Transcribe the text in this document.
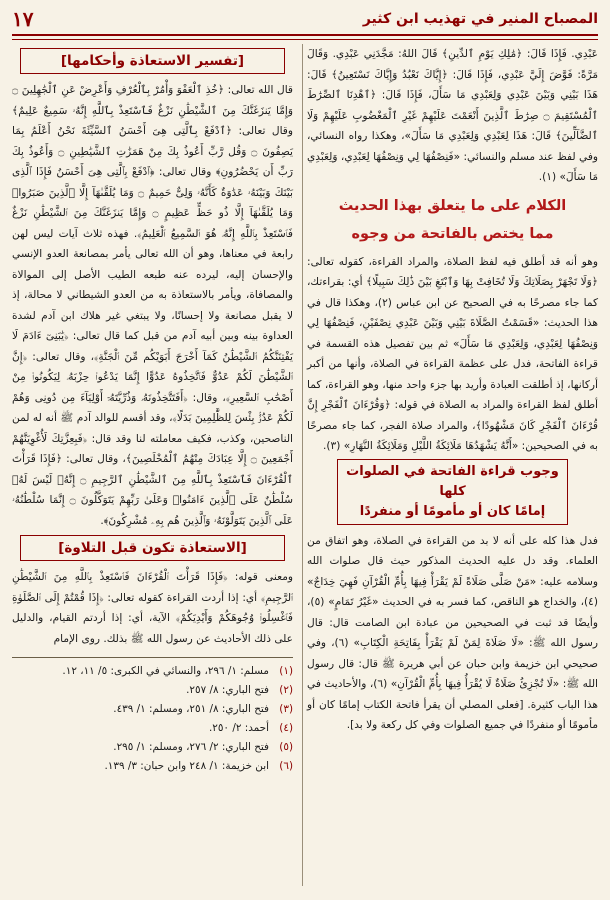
المصباح المنير في تهذيب ابن كثير
١٧

عَبْدِي. فَإِذَا قَالَ: ﴿مَٰلِكِ يَوْمِ ٱلدِّينِ﴾ قَالَ اللهُ: مَجَّدَنِي عَبْدِي. وَقَالَ مَرَّةً: فَوَّضَ إِلَيَّ عَبْدِي، فَإِذَا قَالَ: ﴿إِيَّاكَ نَعْبُدُ وَإِيَّاكَ نَسْتَعِينُ﴾ قَالَ: هَذَا بَيْنِي وَبَيْنَ عَبْدِي وَلِعَبْدِي مَا سَأَلَ، فَإِذَا قَالَ: ﴿ٱهْدِنَا ٱلصِّرَٰطَ ٱلْمُسْتَقِيمَ ۝ صِرَٰطَ ٱلَّذِينَ أَنْعَمْتَ عَلَيْهِمْ غَيْرِ ٱلْمَغْضُوبِ عَلَيْهِمْ وَلَا ٱلضَّآلِّينَ﴾ قَالَ: هَذَا لِعَبْدِي وَلِعَبْدِي مَا سَأَلَ»، وهكذا رواه النسائي، وفي لفظ عند مسلم والنسائي: «فَنِصْفُهَا لِي وَنِصْفُهَا لِعَبْدِي، وَلِعَبْدِي مَا سَأَلَ» (١).

الكلام على ما يتعلق بهذا الحديث
مما يختص بالفاتحة من وجوه

وهو أنه قد أطلق فيه لفظ الصلاة، والمراد القراءة، كقوله تعالى: ﴿وَلَا تَجْهَرْ بِصَلَاتِكَ وَلَا تُخَافِتْ بِهَا وَٱبْتَغِ بَيْنَ ذَٰلِكَ سَبِيلًا﴾ أي: بقراءتك، كما جاء مصرحًا به في الصحيح عن ابن عباس (٢)، وهكذا قال في هذا الحديث: «قَسَمْتُ الصَّلَاةَ بَيْنِي وَبَيْنَ عَبْدِي نِصْفَيْنِ، فَنِصْفُهَا لِي وَنِصْفُهَا لِعَبْدِي، وَلِعَبْدِي مَا سَأَلَ» ثم بين تفصيل هذه القسمة في قراءة الفاتحة، فدل على عظمة القراءة في الصلاة، وأنها من أكبر أركانها، إذ أطلقت العبادة وأريد بها جزء واحد منها، وهو القراءة، كما أطلق لفظ القراءة والمراد به الصلاة في قوله: ﴿وَقُرْءَانَ ٱلْفَجْرِ إِنَّ قُرْءَانَ ٱلْفَجْرِ كَانَ مَشْهُودًا﴾، والمراد صلاة الفجر، كما جاء مصرحًا به في الصحيحين: «أَنَّهُ يَشْهَدُهَا مَلَائِكَةُ اللَّيْلِ وَمَلَائِكَةُ النَّهَارِ» (٣).

وجوب قراءة الفاتحة في الصلوات كلها
إمامًا كان أو مأمومًا أو منفردًا

فدل هذا كله على أنه لا بد من القراءة في الصلاة، وهو اتفاق من العلماء. وقد دل عليه الحديث المذكور حيث قال صلوات الله وسلامه عليه: «مَنْ صَلَّى صَلَاةً لَمْ يَقْرَأْ فِيهَا بِأُمِّ الْقُرْآنِ فَهِيَ خِدَاجٌ» (٤)، والخداج هو الناقص، كما فسر به في الحديث «غَيْرُ تَمَامٍ» (٥)، وأيضًا قد ثبت في الصحيحين من عبادة ابن الصامت قال: قال رسول الله ﷺ: «لَا صَلَاةَ لِمَنْ لَمْ يَقْرَأْ بِفَاتِحَةِ الْكِتَابِ» (٦)، وفي صحيحي ابن خزيمة وابن حبان عن أبي هريرة ﷺ قال: قال رسول الله ﷺ: «لَا تُجْزِئُ صَلَاةٌ لَا يُقْرَأُ فِيهَا بِأُمِّ الْقُرْآنِ» (٦)، والأحاديث في هذا الباب كثيرة. [فعلى المصلي أن يقرأ فاتحة الكتاب إمامًا كان أو مأمومًا أو منفردًا في جميع الصلوات وفي كل ركعة ولا بد].

[تفسير الاستعاذة وأحكامها]

قال الله تعالى: ﴿خُذِ ٱلْعَفْوَ وَأْمُرْ بِٱلْعُرْفِ وَأَعْرِضْ عَنِ ٱلْجَٰهِلِينَ ۝ وَإِمَّا يَنزَغَنَّكَ مِنَ ٱلشَّيْطَٰنِ نَزْغٌ فَٱسْتَعِذْ بِٱللَّهِ إِنَّهُۥ سَمِيعٌ عَلِيمٌ﴾ وقال تعالى: ﴿ٱدْفَعْ بِٱلَّتِى هِىَ أَحْسَنُ ٱلسَّيِّئَةَ نَحْنُ أَعْلَمُ بِمَا يَصِفُونَ ۝ وَقُل رَّبِّ أَعُوذُ بِكَ مِنْ هَمَزَٰتِ ٱلشَّيَٰطِينِ ۝ وَأَعُوذُ بِكَ رَبِّ أَن يَحْضُرُونِ﴾ وقال تعالى: ﴿ٱدْفَعْ بِٱلَّتِى هِىَ أَحْسَنُ فَإِذَا ٱلَّذِى بَيْنَكَ وَبَيْنَهُۥ عَدَٰوَةٌ كَأَنَّهُۥ وَلِىٌّ حَمِيمٌ ۝ وَمَا يُلَقَّىٰهَآ إِلَّا ٱلَّذِينَ صَبَرُوا۟ وَمَا يُلَقَّىٰهَآ إِلَّا ذُو حَظٍّ عَظِيمٍ ۝ وَإِمَّا يَنزَغَنَّكَ مِنَ ٱلشَّيْطَٰنِ نَزْغٌ فَٱسْتَعِذْ بِٱللَّهِ إِنَّهُۥ هُوَ ٱلسَّمِيعُ ٱلْعَلِيمُ﴾. فهذه ثلاث آيات ليس لهن رابعة في معناها، وهو أن الله تعالى يأمر بمصانعة العدو الإنسي والإحسان إليه، ليرده عنه طبعه الطيب الأصل إلى الموالاة والمصافاة، ويأمر بالاستعاذة به من العدو الشيطاني لا محالة، إذ لا يقبل مصانعة ولا إحسانًا، ولا يبتغي غير هلاك ابن آدم لشدة العداوة بينه وبين أبيه آدم من قبل كما قال تعالى: ﴿يَٰبَنِىٓ ءَادَمَ لَا يَفْتِنَنَّكُمُ ٱلشَّيْطَٰنُ كَمَآ أَخْرَجَ أَبَوَيْكُم مِّنَ ٱلْجَنَّةِ﴾، وقال تعالى: ﴿إِنَّ ٱلشَّيْطَٰنَ لَكُمْ عَدُوٌّ فَٱتَّخِذُوهُ عَدُوًّا إِنَّمَا يَدْعُوا۟ حِزْبَهُۥ لِيَكُونُوا۟ مِنْ أَصْحَٰبِ ٱلسَّعِيرِ﴾، وقال: ﴿أَفَتَتَّخِذُونَهُۥ وَذُرِّيَّتَهُۥٓ أَوْلِيَآءَ مِن دُونِى وَهُمْ لَكُمْ عَدُوٌّۢ بِئْسَ لِلظَّٰلِمِينَ بَدَلًا﴾، وقد أقسم للوالد آدم ﷺ أنه له لمن الناصحين، وكذب، فكيف معاملته لنا وقد قال: ﴿فَبِعِزَّتِكَ لَأُغْوِيَنَّهُمْ أَجْمَعِينَ ۝ إِلَّا عِبَادَكَ مِنْهُمُ ٱلْمُخْلَصِينَ﴾، وقال تعالى: ﴿فَإِذَا قَرَأْتَ ٱلْقُرْءَانَ فَٱسْتَعِذْ بِٱللَّهِ مِنَ ٱلشَّيْطَٰنِ ٱلرَّجِيمِ ۝ إِنَّهُۥ لَيْسَ لَهُۥ سُلْطَٰنٌ عَلَى ٱلَّذِينَ ءَامَنُوا۟ وَعَلَىٰ رَبِّهِمْ يَتَوَكَّلُونَ ۝ إِنَّمَا سُلْطَٰنُهُۥ عَلَى ٱلَّذِينَ يَتَوَلَّوْنَهُۥ وَٱلَّذِينَ هُم بِهِۦ مُشْرِكُونَ﴾.

[الاستعاذة تكون قبل التلاوة]

ومعنى قوله: ﴿فَإِذَا قَرَأْتَ ٱلْقُرْءَانَ فَٱسْتَعِذْ بِٱللَّهِ مِنَ ٱلشَّيْطَٰنِ ٱلرَّجِيمِ﴾ أي: إذا أردت القراءة كقوله تعالى: ﴿إِذَا قُمْتُمْ إِلَى ٱلصَّلَوٰةِ فَٱغْسِلُوا۟ وُجُوهَكُمْ وَأَيْدِيَكُمْ﴾ الآية، أي: إذا أردتم القيام، والدليل على ذلك الأحاديث عن رسول الله ﷺ بذلك. روى الإمام

(١)
مسلم: ١/ ٢٩٦، والنسائي في الكبرى: ٥/ ١١، ١٢.
(٢)
فتح الباري: ٨/ ٢٥٧.
(٣)
فتح الباري: ٨/ ٢٥١، ومسلم: ١/ ٤٣٩.
(٤)
أحمد: ٢/ ٢٥٠.
(٥)
فتح الباري: ٢/ ٢٧٦، ومسلم: ١/ ٢٩٥.
(٦)
ابن خزيمة: ١/ ٢٤٨ وابن حبان: ٣/ ١٣٩.
